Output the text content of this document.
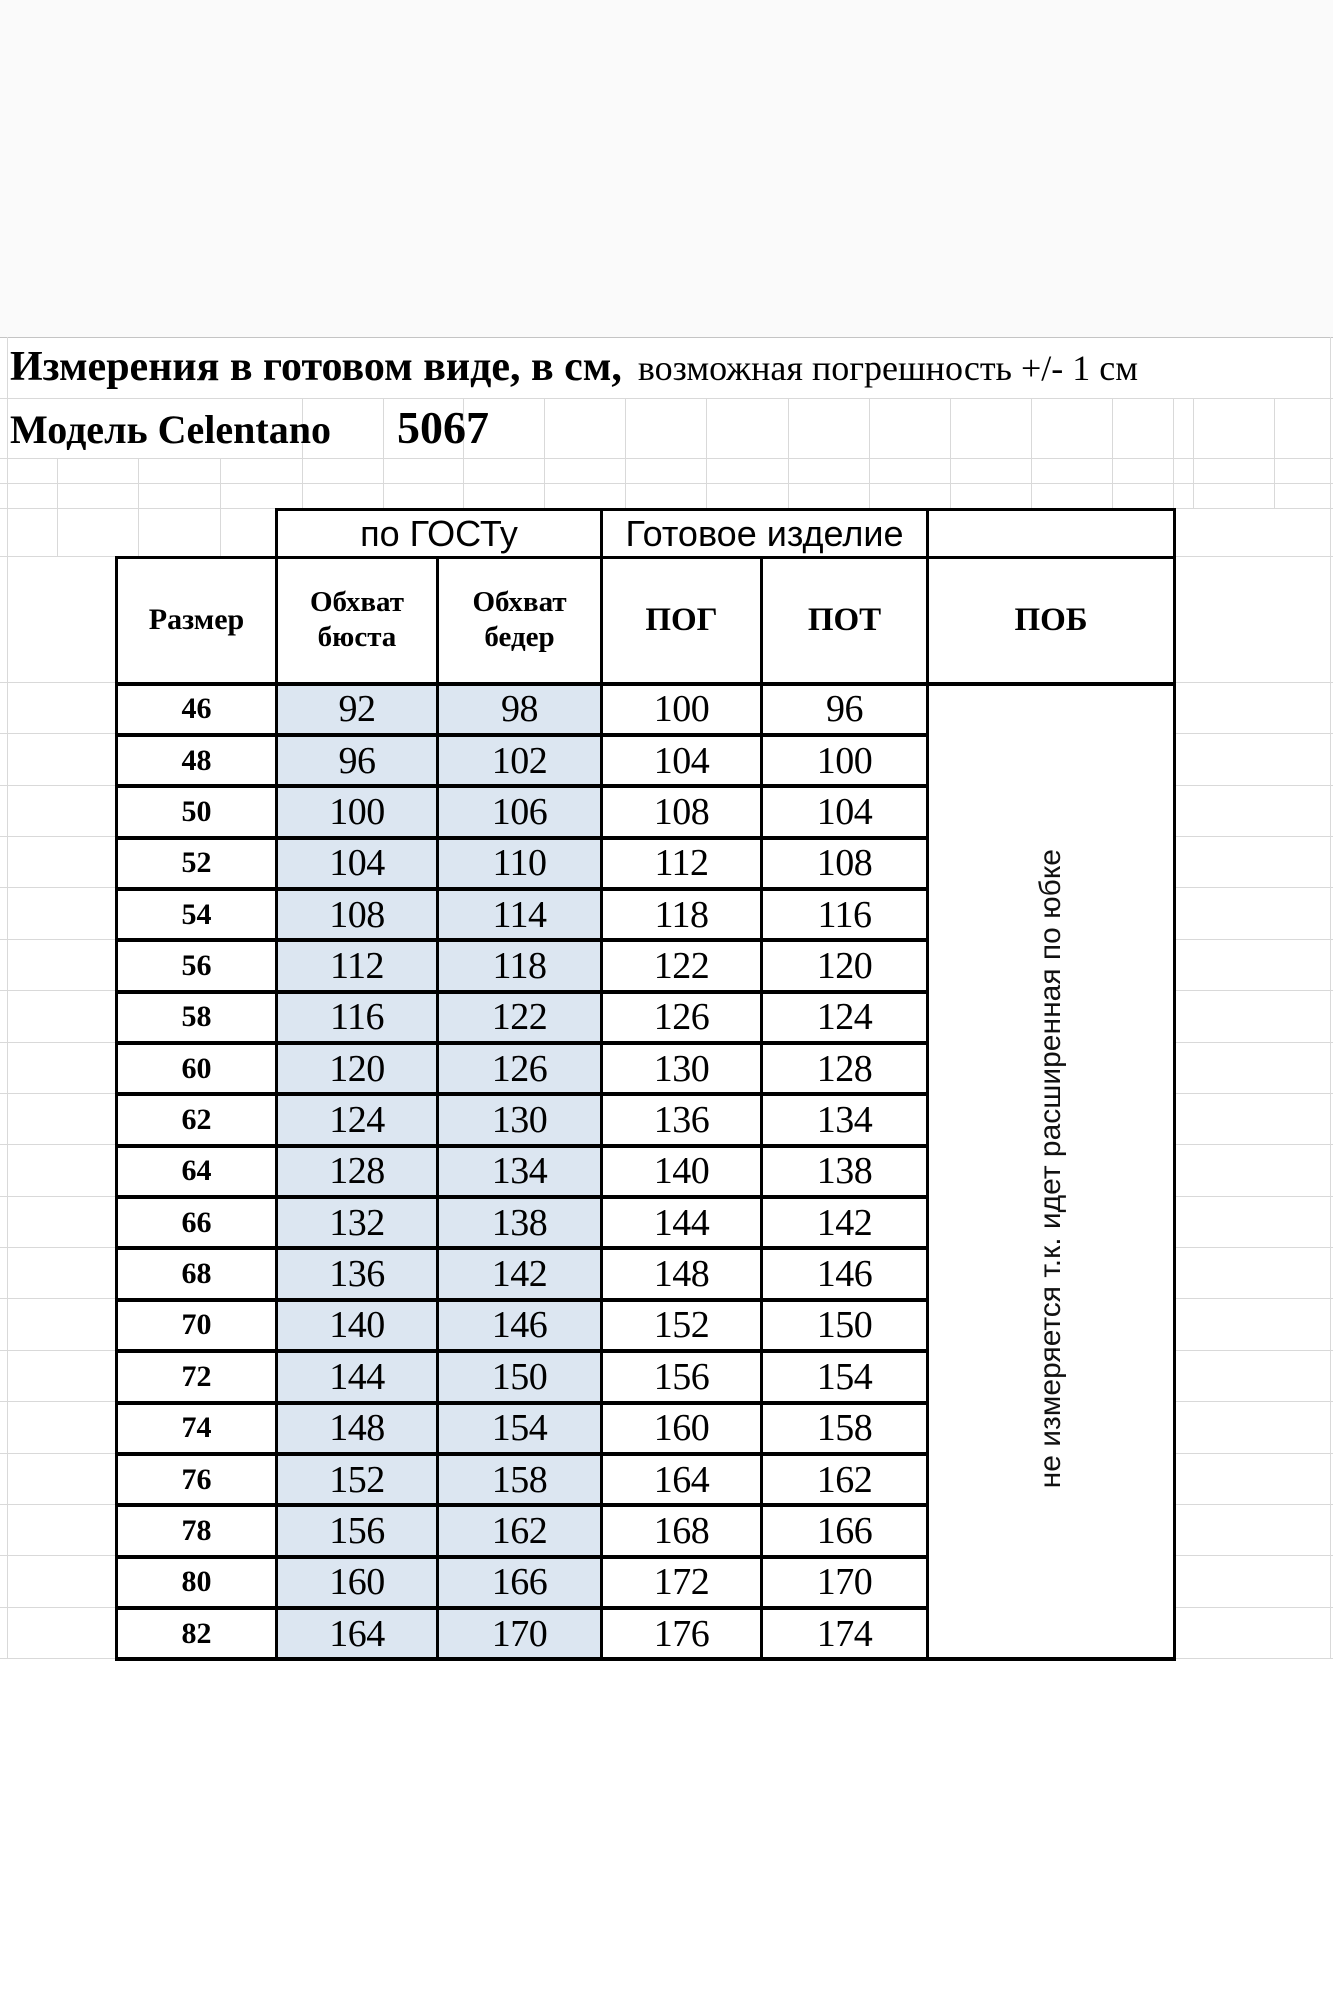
Измерения в готовом виде, в см, возможная погрешность +/- 1 см
Модель Celentano 5067
	по ГОСТу		Готовое изделие		
Размер	Обхват бюста	Обхват бедер	ПОГ	ПОТ	ПОБ
46	92	98	100	96	не измеряется т.к. идет расширенная по юбке
48	96	102	104	100	
50	100	106	108	104	
52	104	110	112	108	
54	108	114	118	116	
56	112	118	122	120	
58	116	122	126	124	
60	120	126	130	128	
62	124	130	136	134	
64	128	134	140	138	
66	132	138	144	142	
68	136	142	148	146	
70	140	146	152	150	
72	144	150	156	154	
74	148	154	160	158	
76	152	158	164	162	
78	156	162	168	166	
80	160	166	172	170	
82	164	170	176	174	
